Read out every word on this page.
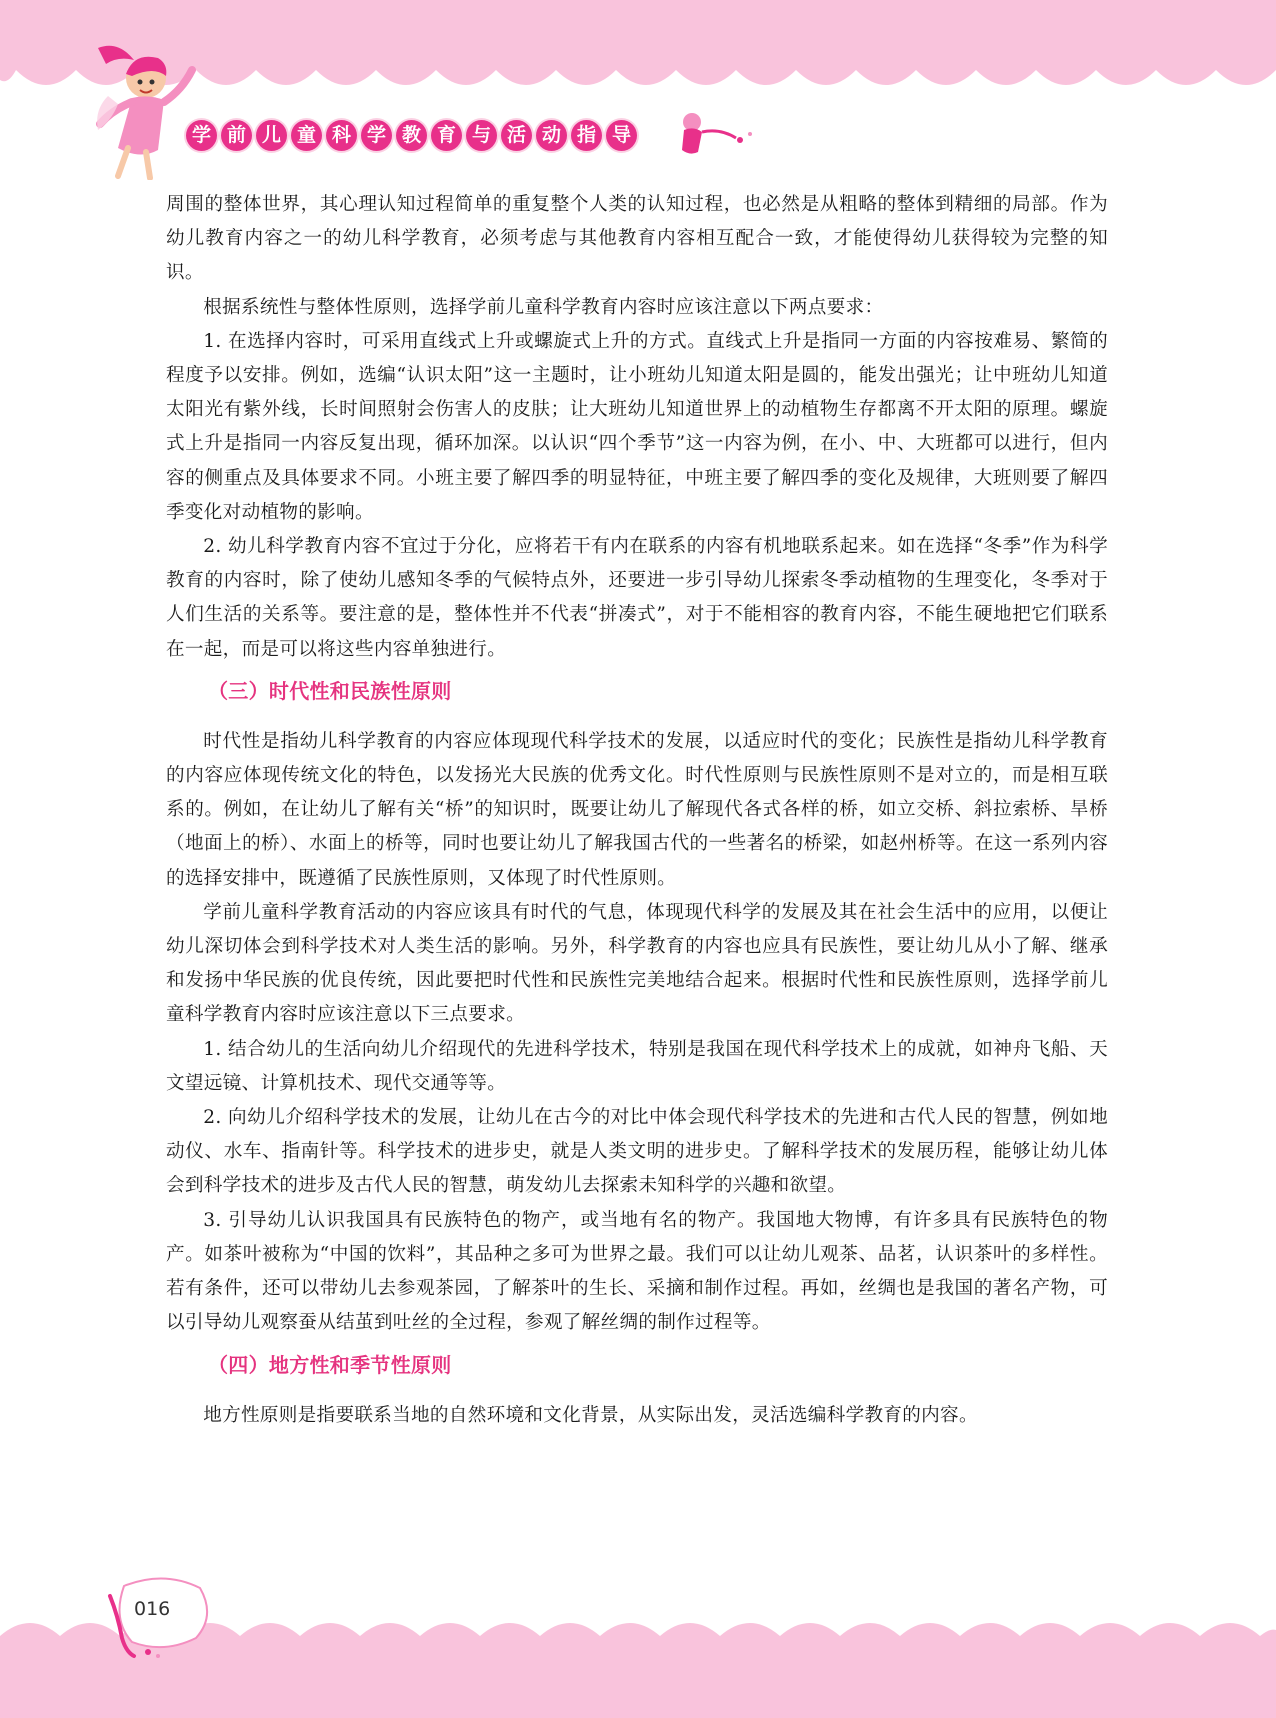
学 前 儿 童 科 学 教 育 与 活 动 指 导

周围的整体世界，其心理认知过程简单的重复整个人类的认知过程，也必然是从粗略的整体到精细的局部。作为幼儿教育内容之一的幼儿科学教育，必须考虑与其他教育内容相互配合一致，才能使得幼儿获得较为完整的知识。

根据系统性与整体性原则，选择学前儿童科学教育内容时应该注意以下两点要求：

1. 在选择内容时，可采用直线式上升或螺旋式上升的方式。直线式上升是指同一方面的内容按难易、繁简的程度予以安排。例如，选编“认识太阳”这一主题时，让小班幼儿知道太阳是圆的，能发出强光；让中班幼儿知道太阳光有紫外线，长时间照射会伤害人的皮肤；让大班幼儿知道世界上的动植物生存都离不开太阳的原理。螺旋式上升是指同一内容反复出现，循环加深。以认识“四个季节”这一内容为例，在小、中、大班都可以进行，但内容的侧重点及具体要求不同。小班主要了解四季的明显特征，中班主要了解四季的变化及规律，大班则要了解四季变化对动植物的影响。

2. 幼儿科学教育内容不宜过于分化，应将若干有内在联系的内容有机地联系起来。如在选择“冬季”作为科学教育的内容时，除了使幼儿感知冬季的气候特点外，还要进一步引导幼儿探索冬季动植物的生理变化，冬季对于人们生活的关系等。要注意的是，整体性并不代表“拼凑式”，对于不能相容的教育内容，不能生硬地把它们联系在一起，而是可以将这些内容单独进行。

（三）时代性和民族性原则

时代性是指幼儿科学教育的内容应体现现代科学技术的发展，以适应时代的变化；民族性是指幼儿科学教育的内容应体现传统文化的特色，以发扬光大民族的优秀文化。时代性原则与民族性原则不是对立的，而是相互联系的。例如，在让幼儿了解有关“桥”的知识时，既要让幼儿了解现代各式各样的桥，如立交桥、斜拉索桥、旱桥（地面上的桥）、水面上的桥等，同时也要让幼儿了解我国古代的一些著名的桥梁，如赵州桥等。在这一系列内容的选择安排中，既遵循了民族性原则，又体现了时代性原则。

学前儿童科学教育活动的内容应该具有时代的气息，体现现代科学的发展及其在社会生活中的应用，以便让幼儿深切体会到科学技术对人类生活的影响。另外，科学教育的内容也应具有民族性，要让幼儿从小了解、继承和发扬中华民族的优良传统，因此要把时代性和民族性完美地结合起来。根据时代性和民族性原则，选择学前儿童科学教育内容时应该注意以下三点要求。

1. 结合幼儿的生活向幼儿介绍现代的先进科学技术，特别是我国在现代科学技术上的成就，如神舟飞船、天文望远镜、计算机技术、现代交通等等。

2. 向幼儿介绍科学技术的发展，让幼儿在古今的对比中体会现代科学技术的先进和古代人民的智慧，例如地动仪、水车、指南针等。科学技术的进步史，就是人类文明的进步史。了解科学技术的发展历程，能够让幼儿体会到科学技术的进步及古代人民的智慧，萌发幼儿去探索未知科学的兴趣和欲望。

3. 引导幼儿认识我国具有民族特色的物产，或当地有名的物产。我国地大物博，有许多具有民族特色的物产。如茶叶被称为“中国的饮料”，其品种之多可为世界之最。我们可以让幼儿观茶、品茗，认识茶叶的多样性。若有条件，还可以带幼儿去参观茶园，了解茶叶的生长、采摘和制作过程。再如，丝绸也是我国的著名产物，可以引导幼儿观察蚕从结茧到吐丝的全过程，参观了解丝绸的制作过程等。

（四）地方性和季节性原则

地方性原则是指要联系当地的自然环境和文化背景，从实际出发，灵活选编科学教育的内容。

016
